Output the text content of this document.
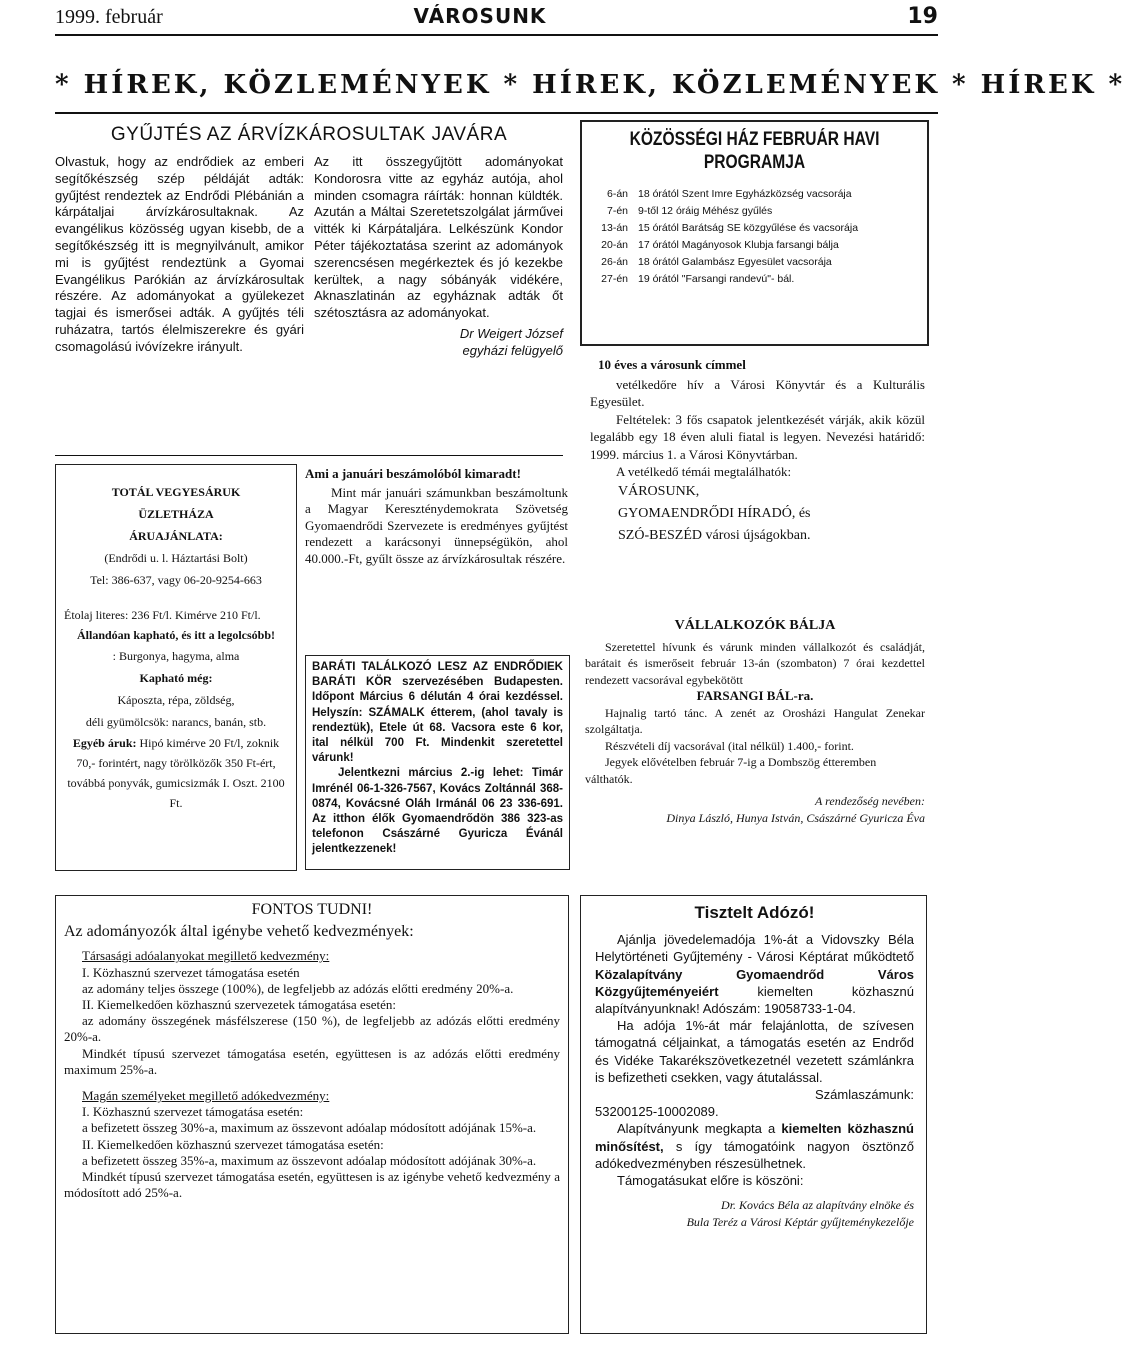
1999. február	VÁROSUNK	19
* HÍREK, KÖZLEMÉNYEK * HÍREK, KÖZLEMÉNYEK * HÍREK *
GYŰJTÉS AZ ÁRVÍZKÁROSULTAK JAVÁRA

Olvastuk, hogy az endrődiek az emberi segítőkészség szép példáját adták: gyűjtést rendeztek az Endrődi Plébánián a kárpátaljai árvízkárosultaknak. Az evangélikus közösség ugyan kisebb, de a segítőkészség itt is megnyilvánult, amikor mi is gyűjtést rendeztünk a Gyomai Evangélikus Parókián az árvízkárosultak részére. Az adományokat a gyülekezet tagjai és ismerősei adták. A gyűjtés téli ruházatra, tartós élelmiszerekre és gyári csomagolású ivóvízekre irányult.

Az itt összegyűjtött adományokat Kondorosra vitte az egyház autója, ahol minden csomagra ráírták: honnan küldték. Azután a Máltai Szeretetszolgálat járművei vitték ki Kárpátaljára. Lelkészünk Kondor Péter tájékoztatása szerint az adományok szerencsésen megérkeztek és jó kezekbe kerültek, a nagy sóbányák vidékére, Aknaszlatinán az egyháznak adták őt szétosztásra az adományokat.

Dr Weigert József

egyházi felügyelő

KÖZÖSSÉGI HÁZ FEBRUÁR HAVI
PROGRAMJA
6-án 18 órától Szent Imre Egyházközség vacsorája
7-én 9-től 12 óráig Méhész gyűlés
13-án 15 órától Barátság SE közgyűlése és vacsorája
20-án 17 órától Magányosok Klubja farsangi bálja
26-án 18 órától Galambász Egyesület vacsorája
27-én 19 órától "Farsangi randevú"- bál.

10 éves a városunk címmel

vetélkedőre hív a Városi Könyvtár és a Kulturális Egyesület.

Feltételek: 3 fős csapatok jelentkezését várják, akik közül legalább egy 18 éven aluli fiatal is legyen. Nevezési határidő: 1999. március 1. a Városi Könyvtárban.

A vetélkedő témái megtalálhatók:

VÁROSUNK,
GYOMAENDRŐDI HÍRADÓ, és
SZÓ-BESZÉD városi újságokban.
TOTÁL VEGYESÁRUK
ÜZLETHÁZA
ÁRUAJÁNLATA:
(Endrődi u. l. Háztartási Bolt)
Tel: 386-637, vagy 06-20-9254-663
Étolaj literes: 236 Ft/l. Kimérve 210 Ft/l.
Állandóan kapható, és itt a legolcsóbb!
: Burgonya, hagyma, alma
Kapható még:
Káposzta, répa, zöldség,
déli gyümölcsök: narancs, banán, stb.
Egyéb áruk: Hipó kimérve 20 Ft/l, zoknik 70,- forintért, nagy törölközők 350 Ft-ért, továbbá ponyvák, gumicsizmák I. Oszt. 2100 Ft.

Ami a januári beszámolóból kimaradt!

Mint már januári számunkban beszámoltunk a Magyar Kereszténydemokrata Szövetség Gyomaendrődi Szervezete is eredményes gyűjtést rendezett a karácsonyi ünnepségükön, ahol 40.000.-Ft, gyűlt össze az árvízkárosultak részére.

BARÁTI TALÁLKOZÓ LESZ AZ ENDRŐDIEK BARÁTI KÖR szervezésében Budapesten. Időpont Március 6 délután 4 órai kezdéssel. Helyszín: SZÁMALK étterem, (ahol tavaly is rendeztük), Etele út 68. Vacsora este 6 kor, ital nélkül 700 Ft. Mindenkit szeretettel várunk!

Jelentkezni március 2.-ig lehet: Timár Imrénél 06-1-326-7567, Kovács Zoltánnál 368-0874, Kovácsné Oláh Irmánál 06 23 336-691. Az itthon élők Gyomaendrődön 386 323-as telefonon Császárné Gyuricza Évánál jelentkezzenek!

VÁLLALKOZÓK BÁLJA

Szeretettel hívunk és várunk minden vállalkozót és családját, barátait és ismerőseit február 13-án (szombaton) 7 órai kezdettel rendezett vacsorával egybekötött

FARSANGI BÁL-ra.

Hajnalig tartó tánc. A zenét az Orosházi Hangulat Zenekar szolgáltatja.

Részvételi díj vacsorával (ital nélkül) 1.400,- forint.

Jegyek elővételben február 7-ig a Dombszög étteremben válthatók.

A rendezőség nevében:

Dinya László, Hunya István, Császárné Gyuricza Éva

FONTOS TUDNI!
Az adományozók által igénybe vehető kedvezmények:

Társasági adóalanyokat megillető kedvezmény:

I. Közhasznú szervezet támogatása esetén

az adomány teljes összege (100%), de legfeljebb az adózás előtti eredmény 20%-a.

II. Kiemelkedően közhasznú szervezetek támogatása esetén:

az adomány összegének másfélszerese (150 %), de legfeljebb az adózás előtti eredmény 20%-a.

Mindkét típusú szervezet támogatása esetén, együttesen is az adózás előtti eredmény maximum 25%-a.

Magán személyeket megillető adókedvezmény:

I. Közhasznú szervezet támogatása esetén:

a befizetett összeg 30%-a, maximum az összevont adóalap módosított adójának 15%-a.

II. Kiemelkedően közhasznú szervezet támogatása esetén:

a befizetett összeg 35%-a, maximum az összevont adóalap módosított adójának 30%-a.

Mindkét típusú szervezet támogatása esetén, együttesen is az igénybe vehető kedvezmény a módosított adó 25%-a.

Tisztelt Adózó!

Ajánlja jövedelemadója 1%-át a Vidovszky Béla Helytörténeti Gyűjtemény - Városi Képtárat működtető Közalapítvány Gyomaendrőd Város Közgyűjteményeiért	kiemelten közhasznú alapítványunknak! Adószám: 19058733-1-04.

Ha adója 1%-át már felajánlotta, de szívesen támogatná céljainkat, a támogatás esetén az Endrőd és Vidéke Takarékszövetkezetnél vezetett számlánkra is befizetheti csekken, vagy átutalással.
Számlaszámunk:

53200125-10002089.

Alapítványunk megkapta a kiemelten közhasznú minősítést, s így támogatóink nagyon ösztönző adókedvezményben részesülhetnek.

Támogatásukat előre is köszöni:

Dr. Kovács Béla az alapítvány elnöke és

Bula Teréz a Városi Képtár gyűjteménykezelője
